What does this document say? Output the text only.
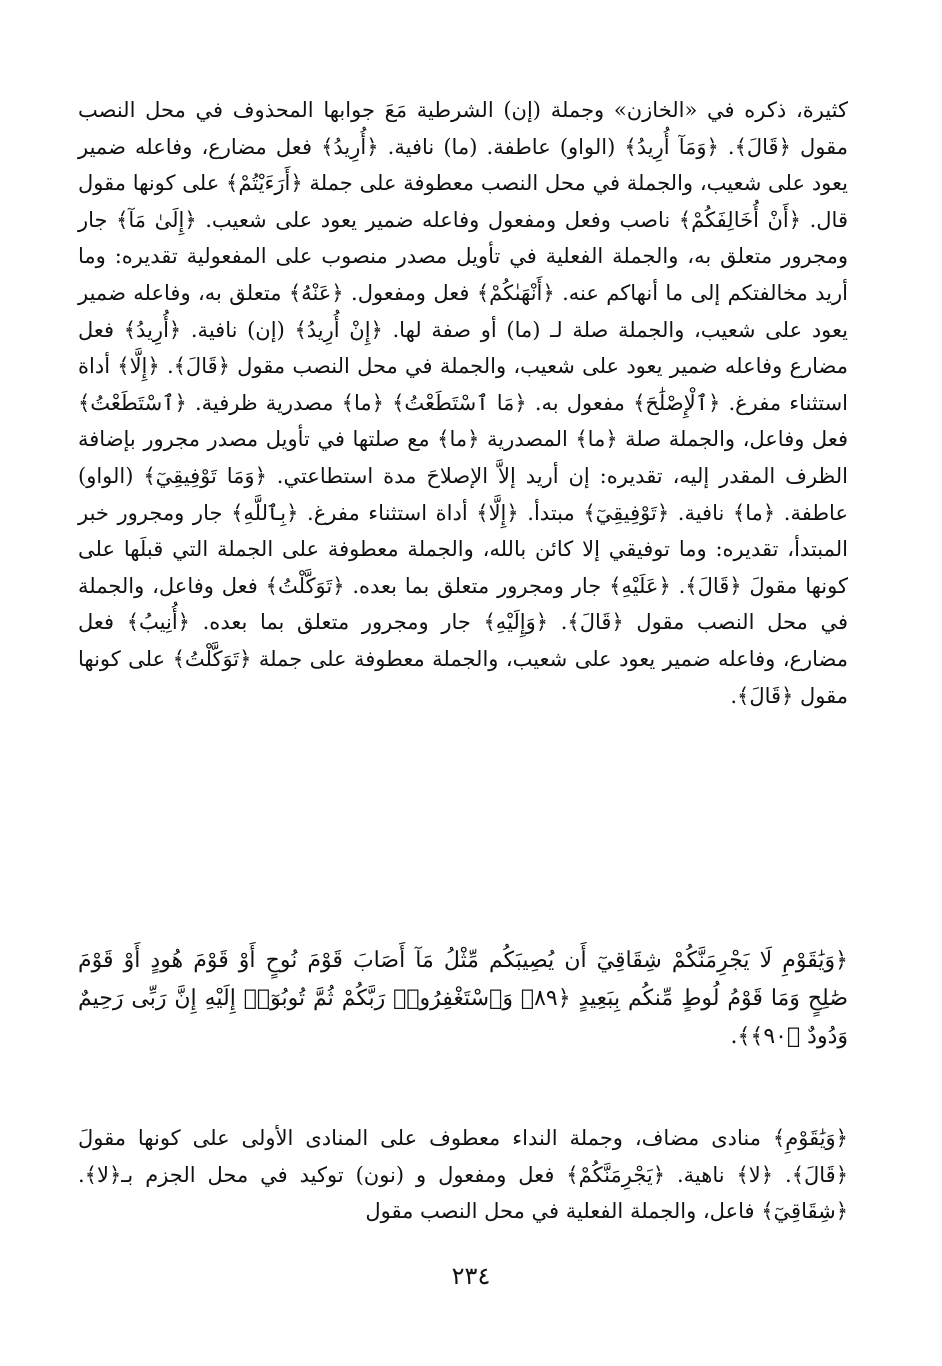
كثيرة، ذكره في «الخازن» وجملة (إن) الشرطية مَعَ جوابها المحذوف في محل النصب مقول ﴿قَالَ﴾. ﴿وَمَآ أُرِيدُ﴾ (الواو) عاطفة. (ما) نافية. ﴿أُرِيدُ﴾ فعل مضارع، وفاعله ضمير يعود على شعيب، والجملة في محل النصب معطوفة على جملة ﴿أَرَءَيْتُمْ﴾ على كونها مقول قال. ﴿أَنْ أُخَالِفَكُمْ﴾ ناصب وفعل ومفعول وفاعله ضمير يعود على شعيب. ﴿إِلَىٰ مَآ﴾ جار ومجرور متعلق به، والجملة الفعلية في تأويل مصدر منصوب على المفعولية تقديره: وما أريد مخالفتكم إلى ما أنهاكم عنه. ﴿أَنْهَىٰكُمْ﴾ فعل ومفعول. ﴿عَنْهُ﴾ متعلق به، وفاعله ضمير يعود على شعيب، والجملة صلة لـ (ما) أو صفة لها. ﴿إِنْ أُرِيدُ﴾ (إن) نافية. ﴿أُرِيدُ﴾ فعل مضارع وفاعله ضمير يعود على شعيب، والجملة في محل النصب مقول ﴿قَالَ﴾. ﴿إِلَّا﴾ أداة استثناء مفرغ. ﴿ٱلْإِصْلَٰحَ﴾ مفعول به. ﴿مَا ٱسْتَطَعْتُ﴾ ﴿ما﴾ مصدرية ظرفية. ﴿ٱسْتَطَعْتُ﴾ فعل وفاعل، والجملة صلة ﴿ما﴾ المصدرية ﴿ما﴾ مع صلتها في تأويل مصدر مجرور بإضافة الظرف المقدر إليه، تقديره: إن أريد إلاَّ الإصلاحَ مدة استطاعتي. ﴿وَمَا تَوْفِيقِيٓ﴾ (الواو) عاطفة. ﴿ما﴾ نافية. ﴿تَوْفِيقِيٓ﴾ مبتدأ. ﴿إِلَّا﴾ أداة استثناء مفرغ. ﴿بِٱللَّهِ﴾ جار ومجرور خبر المبتدأ، تقديره: وما توفيقي إلا كائن بالله، والجملة معطوفة على الجملة التي قبلَها على كونها مقولَ ﴿قَالَ﴾. ﴿عَلَيْهِ﴾ جار ومجرور متعلق بما بعده. ﴿تَوَكَّلْتُ﴾ فعل وفاعل، والجملة في محل النصب مقول ﴿قَالَ﴾. ﴿وَإِلَيْهِ﴾ جار ومجرور متعلق بما بعده. ﴿أُنِيبُ﴾ فعل مضارع، وفاعله ضمير يعود على شعيب، والجملة معطوفة على جملة ﴿تَوَكَّلْتُ﴾ على كونها مقول ﴿قَالَ﴾.

﴿وَيَٰقَوْمِ لَا يَجْرِمَنَّكُمْ شِقَاقِيٓ أَن يُصِيبَكُم مِّثْلُ مَآ أَصَابَ قَوْمَ نُوحٍ أَوْ قَوْمَ هُودٍ أَوْ قَوْمَ صَٰلِحٍ وَمَا قَوْمُ لُوطٍ مِّنكُم بِبَعِيدٍ ﴿٨٩﴾ وَٱسْتَغْفِرُوا۟ رَبَّكُمْ ثُمَّ تُوبُوٓا۟ إِلَيْهِ إِنَّ رَبِّى رَحِيمٌ وَدُودٌ ﴿٩٠﴾﴾.

﴿وَيَٰقَوْمِ﴾ منادى مضاف، وجملة النداء معطوف على المنادى الأولى على كونها مقولَ ﴿قَالَ﴾. ﴿لا﴾ ناهية. ﴿يَجْرِمَنَّكُمْ﴾ فعل ومفعول و (نون) توكيد في محل الجزم بـ﴿لا﴾. ﴿شِقَاقِيٓ﴾ فاعل، والجملة الفعلية في محل النصب مقول

٢٣٤
